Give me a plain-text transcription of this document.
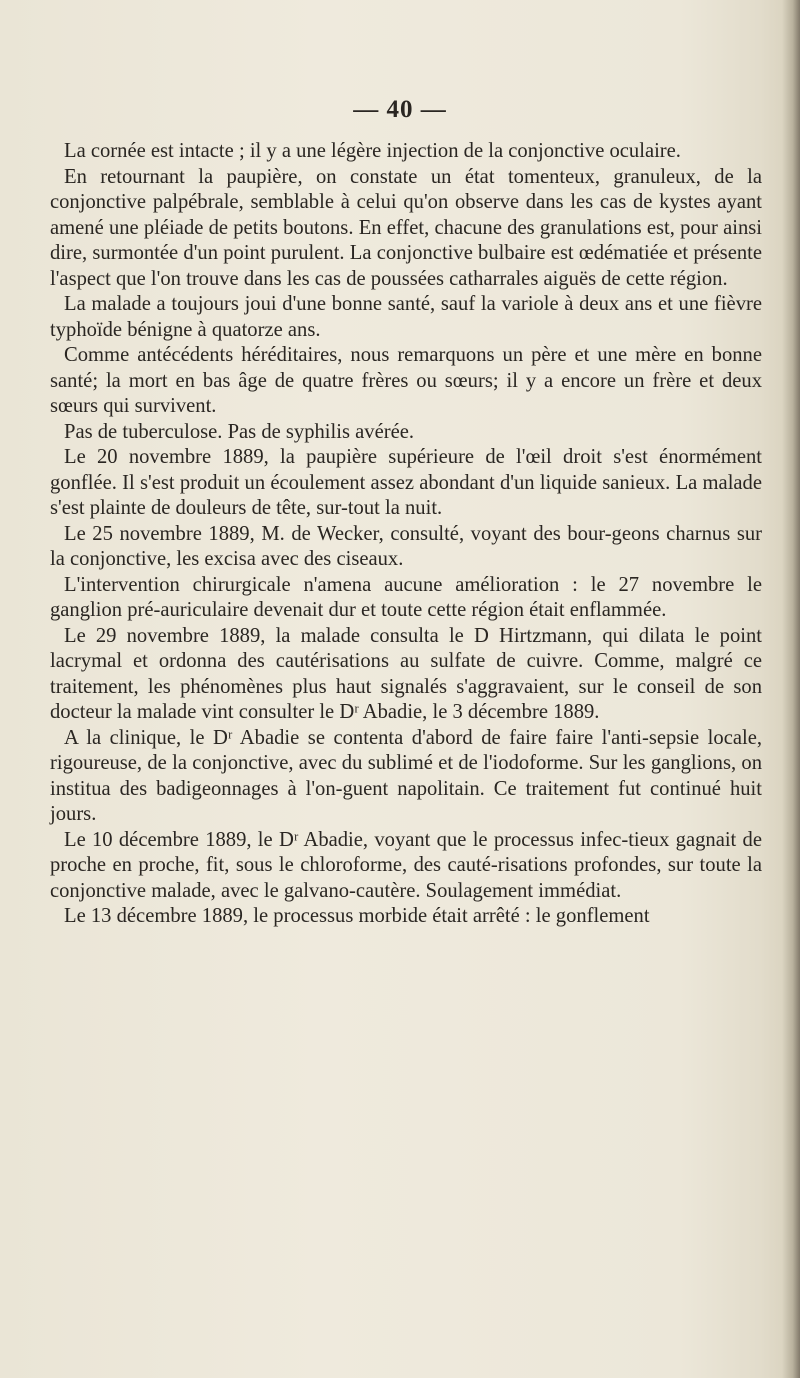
— 40 —

La cornée est intacte ; il y a une légère injection de la conjonctive oculaire.

En retournant la paupière, on constate un état tomenteux, granuleux, de la conjonctive palpébrale, semblable à celui qu'on observe dans les cas de kystes ayant amené une pléiade de petits boutons. En effet, chacune des granulations est, pour ainsi dire, surmontée d'un point purulent. La conjonctive bulbaire est œdématiée et présente l'aspect que l'on trouve dans les cas de poussées catharrales aiguës de cette région.

La malade a toujours joui d'une bonne santé, sauf la variole à deux ans et une fièvre typhoïde bénigne à quatorze ans.

Comme antécédents héréditaires, nous remarquons un père et une mère en bonne santé; la mort en bas âge de quatre frères ou sœurs; il y a encore un frère et deux sœurs qui survivent.

Pas de tuberculose. Pas de syphilis avérée.

Le 20 novembre 1889, la paupière supérieure de l'œil droit s'est énormément gonflée. Il s'est produit un écoulement assez abondant d'un liquide sanieux. La malade s'est plainte de douleurs de tête, sur-tout la nuit.

Le 25 novembre 1889, M. de Wecker, consulté, voyant des bour-geons charnus sur la conjonctive, les excisa avec des ciseaux.

L'intervention chirurgicale n'amena aucune amélioration : le 27 novembre le ganglion pré-auriculaire devenait dur et toute cette région était enflammée.

Le 29 novembre 1889, la malade consulta le D Hirtzmann, qui dilata le point lacrymal et ordonna des cautérisations au sulfate de cuivre. Comme, malgré ce traitement, les phénomènes plus haut signalés s'aggravaient, sur le conseil de son docteur la malade vint consulter le Dʳ Abadie, le 3 décembre 1889.

A la clinique, le Dʳ Abadie se contenta d'abord de faire faire l'anti-sepsie locale, rigoureuse, de la conjonctive, avec du sublimé et de l'iodoforme. Sur les ganglions, on institua des badigeonnages à l'on-guent napolitain. Ce traitement fut continué huit jours.

Le 10 décembre 1889, le Dʳ Abadie, voyant que le processus infec-tieux gagnait de proche en proche, fit, sous le chloroforme, des cauté-risations profondes, sur toute la conjonctive malade, avec le galvano-cautère. Soulagement immédiat.

Le 13 décembre 1889, le processus morbide était arrêté : le gonflement
